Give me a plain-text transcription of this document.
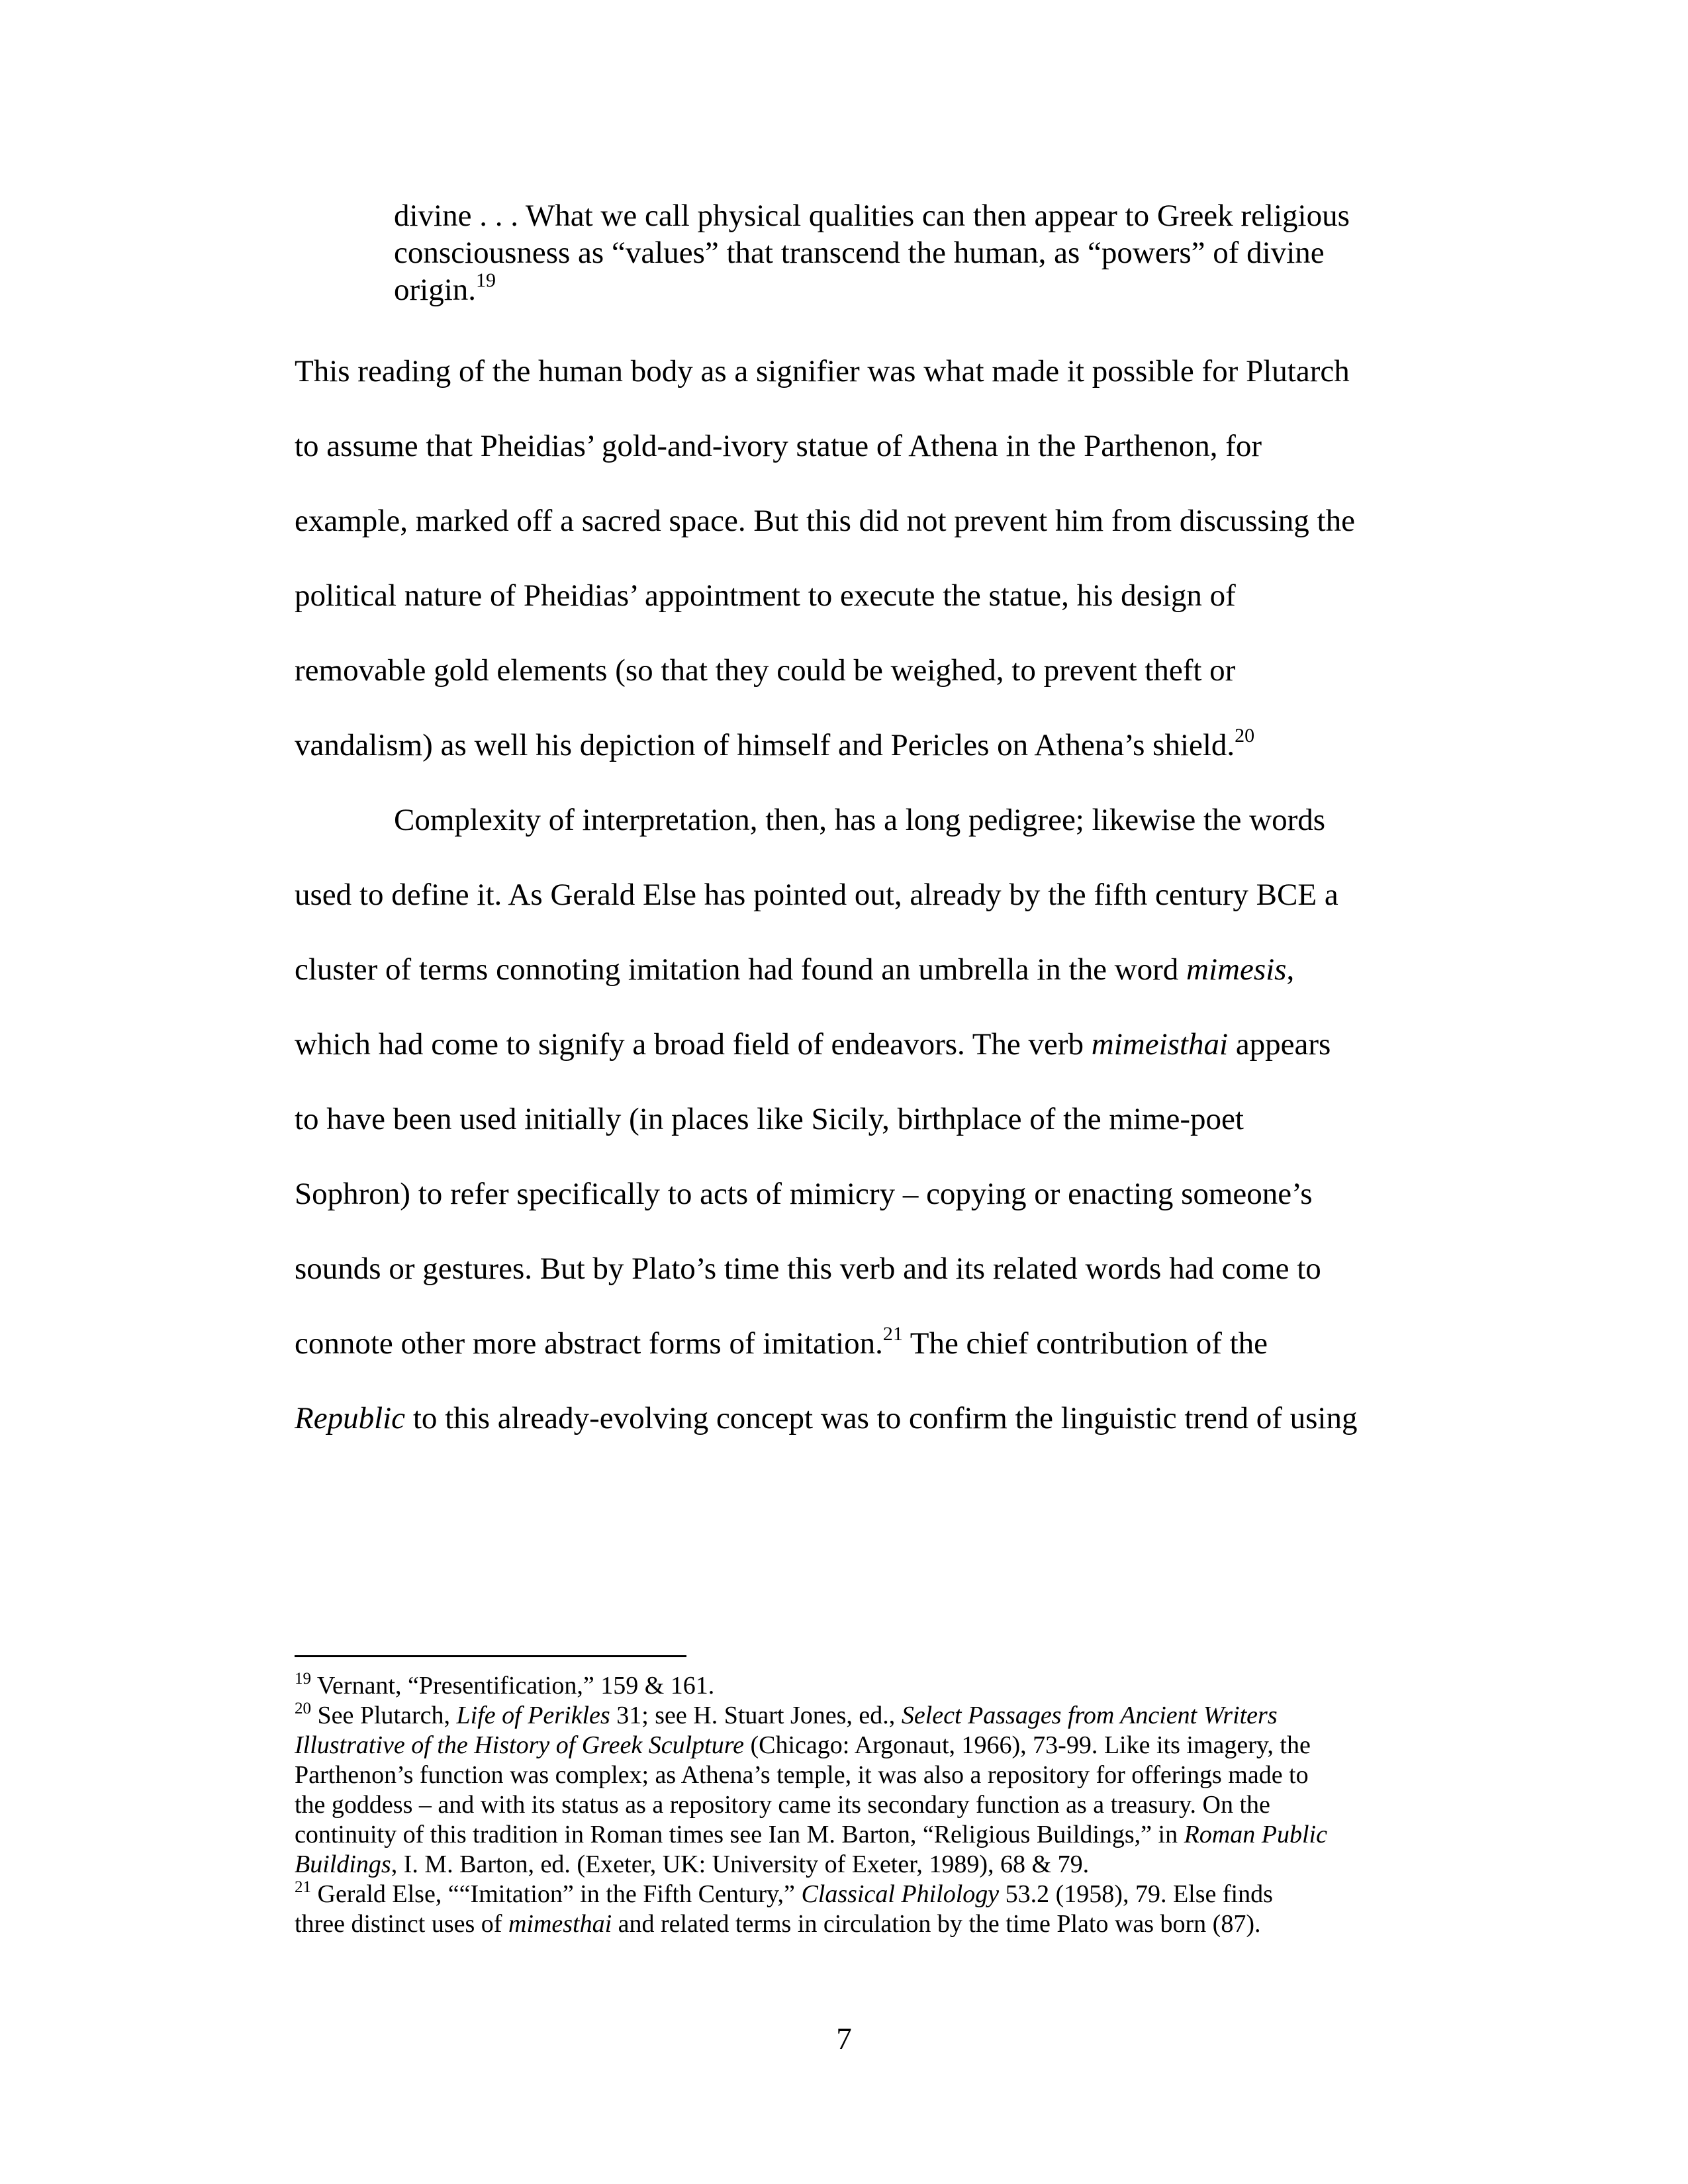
divine . . . What we call physical qualities can then appear to Greek religious
consciousness as “values” that transcend the human, as “powers” of divine
origin.$^{19}$

This reading of the human body as a signifier was what made it possible for Plutarch
to assume that Pheidias’ gold-and-ivory statue of Athena in the Parthenon, for
example, marked off a sacred space. But this did not prevent him from discussing the
political nature of Pheidias’ appointment to execute the statue, his design of
removable gold elements (so that they could be weighed, to prevent theft or
vandalism) as well his depiction of himself and Pericles on Athena’s shield.$^{20}$

Complexity of interpretation, then, has a long pedigree; likewise the words
used to define it. As Gerald Else has pointed out, already by the fifth century BCE a
cluster of terms connoting imitation had found an umbrella in the word mimesis,
which had come to signify a broad field of endeavors. The verb mimeisthai appears
to have been used initially (in places like Sicily, birthplace of the mime-poet
Sophron) to refer specifically to acts of mimicry – copying or enacting someone’s
sounds or gestures. But by Plato’s time this verb and its related words had come to
connote other more abstract forms of imitation.$^{21}$ The chief contribution of the
Republic to this already-evolving concept was to confirm the linguistic trend of using

$^{19}$ Vernant, “Presentification,” 159 & 161.
$^{20}$ See Plutarch, Life of Perikles 31; see H. Stuart Jones, ed., Select Passages from Ancient Writers
Illustrative of the History of Greek Sculpture (Chicago: Argonaut, 1966), 73-99. Like its imagery, the
Parthenon’s function was complex; as Athena’s temple, it was also a repository for offerings made to
the goddess – and with its status as a repository came its secondary function as a treasury. On the
continuity of this tradition in Roman times see Ian M. Barton, “Religious Buildings,” in Roman Public
Buildings, I. M. Barton, ed. (Exeter, UK: University of Exeter, 1989), 68 & 79.
$^{21}$ Gerald Else, ““Imitation” in the Fifth Century,” Classical Philology 53.2 (1958), 79. Else finds
three distinct uses of mimesthai and related terms in circulation by the time Plato was born (87).
7
